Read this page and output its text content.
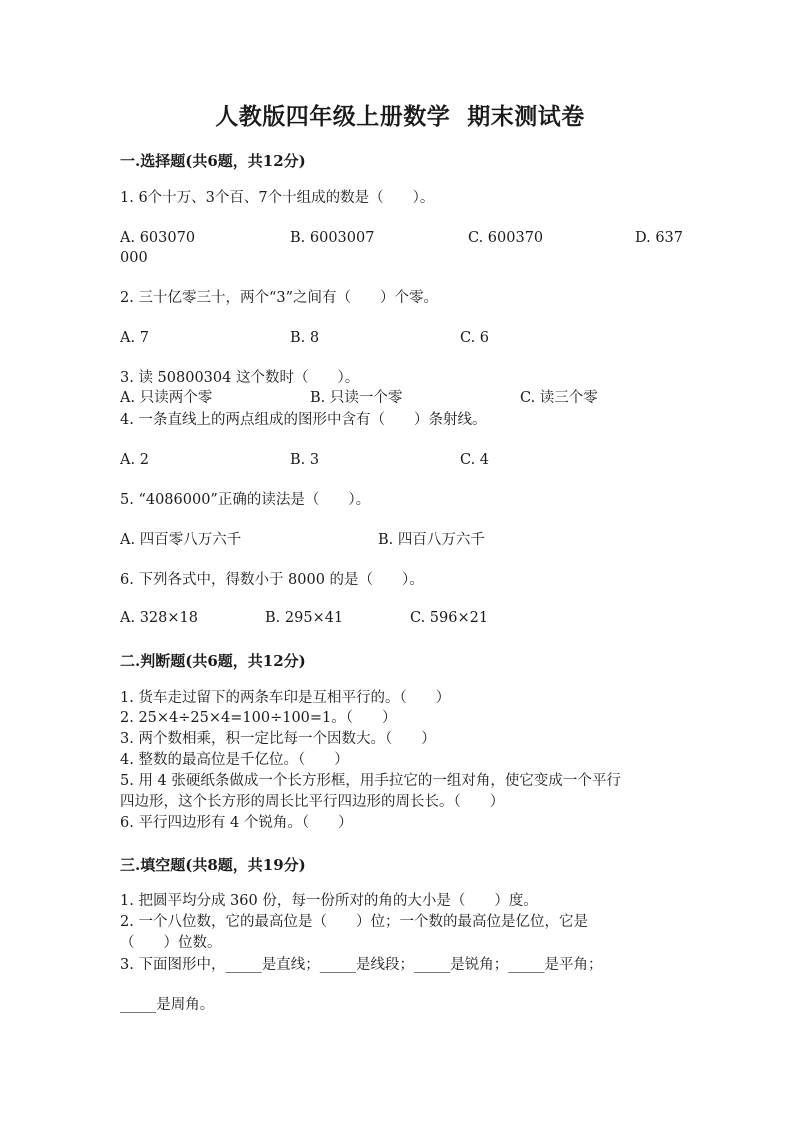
人教版四年级上册数学  期末测试卷
一.选择题(共6题，共12分)
1. 6个十万、3个百、7个十组成的数是（　　）。
A. 603070	B. 6003007	C. 600370	D. 637
000
2. 三十亿零三十，两个“3”之间有（　　）个零。
A. 7	B. 8	C. 6
3. 读 50800304 这个数时（　　）。
A. 只读两个零	B. 只读一个零	C. 读三个零
4. 一条直线上的两点组成的图形中含有（　　）条射线。
A. 2	B. 3	C. 4
5. “4086000”正确的读法是（　　）。
A. 四百零八万六千	B. 四百八万六千
6. 下列各式中，得数小于 8000 的是（　　）。
A. 328×18	B. 295×41	C. 596×21
二.判断题(共6题，共12分)
1. 货车走过留下的两条车印是互相平行的。（　　）
2. 25×4÷25×4=100÷100=1。（　　）
3. 两个数相乘，积一定比每一个因数大。（　　）
4. 整数的最高位是千亿位。（　　）
5. 用 4 张硬纸条做成一个长方形框，用手拉它的一组对角，使它变成一个平行
四边形，这个长方形的周长比平行四边形的周长长。（　　）
6. 平行四边形有 4 个锐角。（　　）
三.填空题(共8题，共19分)
1. 把圆平均分成 360 份，每一份所对的角的大小是（　　）度。
2. 一个八位数，它的最高位是（　　）位；一个数的最高位是亿位，它是
（　　）位数。
3. 下面图形中，_____是直线；_____是线段；_____是锐角；_____是平角；
_____是周角。
